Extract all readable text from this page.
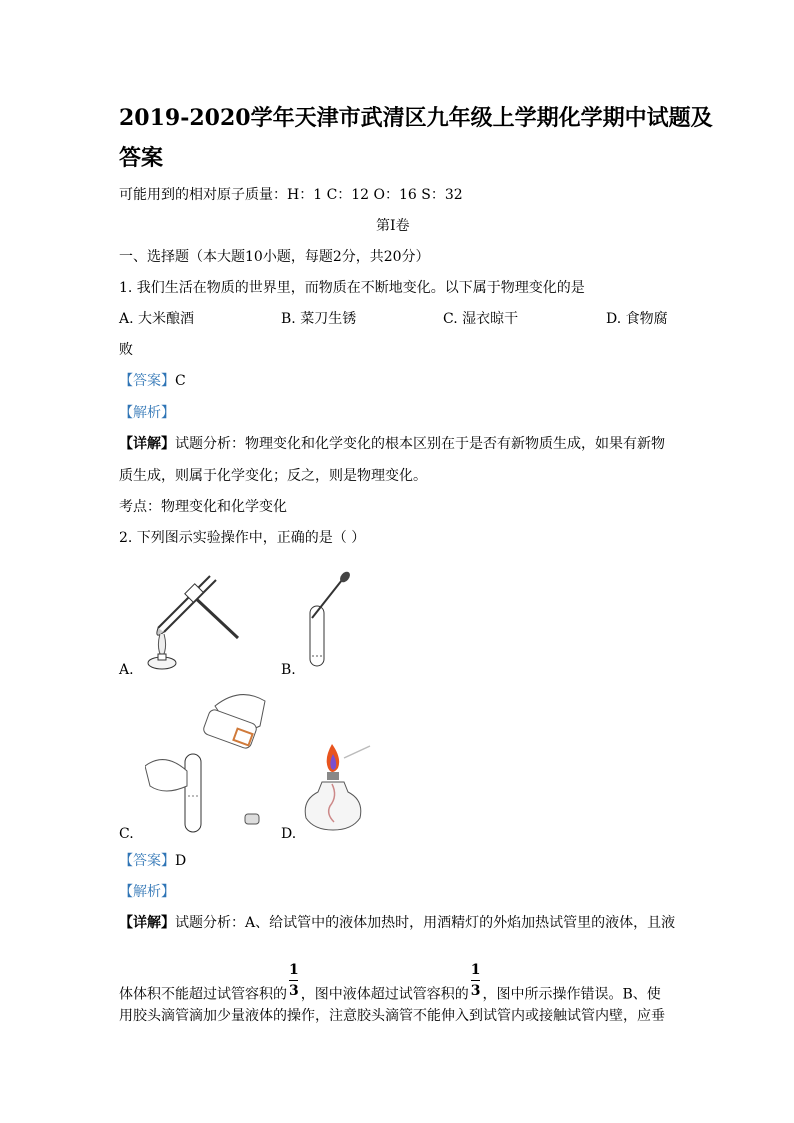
2019-2020学年天津市武清区九年级上学期化学期中试题及
答案
可能用到的相对原子质量：H：1 C：12 O：16 S：32
第I卷
一、选择题（本大题10小题，每题2分，共20分）
1. 我们生活在物质的世界里，而物质在不断地变化。以下属于物理变化的是
A. 大米酿酒	B. 菜刀生锈	C. 湿衣晾干	D. 食物腐
败
【答案】C
【解析】
【详解】试题分析：物理变化和化学变化的根本区别在于是否有新物质生成，如果有新物
质生成，则属于化学变化；反之，则是物理变化。
考点：物理变化和化学变化
2. 下列图示实验操作中，正确的是（ ）
A.	B.
C.	D.
【答案】D
【解析】
【详解】试题分析：A、给试管中的液体加热时，用酒精灯的外焰加热试管里的液体，且液
体体积不能超过试管容积的 $\frac{1}{3}$ ，图中液体超过试管容积的 $\frac{1}{3}$ ，图中所示操作错误。B、使
用胶头滴管滴加少量液体的操作，注意胶头滴管不能伸入到试管内或接触试管内壁，应垂
